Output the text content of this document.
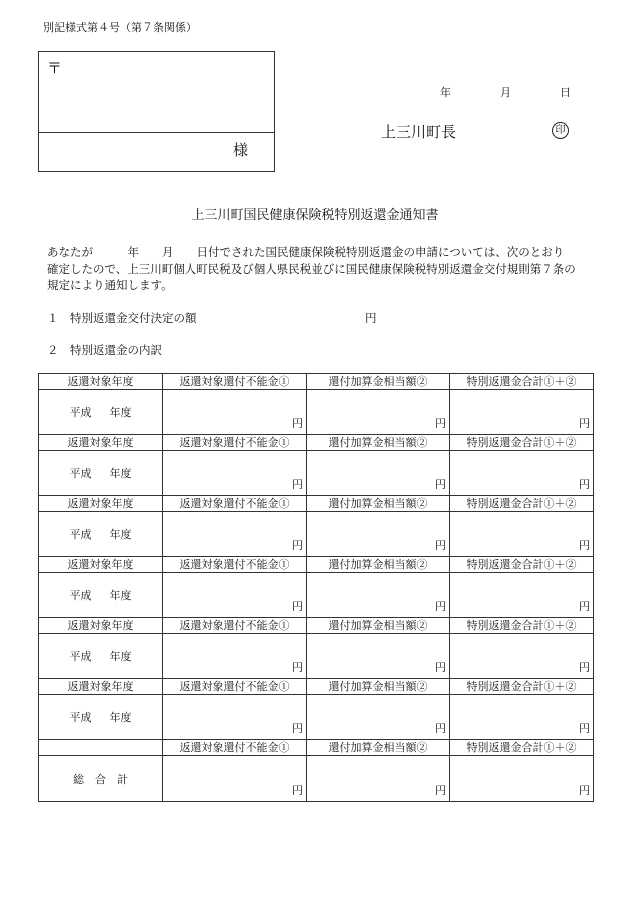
別記様式第４号（第７条関係）
〒
様
年	月	日
上三川町長	印
上三川町国民健康保険税特別返還金通知書
あなたが　　　年　　月　　日付でされた国民健康保険税特別返還金の申請については、次のとおり
確定したので、上三川町個人町民税及び個人県民税並びに国民健康保険税特別返還金交付規則第７条の
規定により通知します。
１　特別返還金交付決定の額	円
２　特別返還金の内訳
返還対象年度	返還対象還付不能金①	還付加算金相当額②	特別返還金合計①＋②
平成 年度	円	円	円

返還対象年度	返還対象還付不能金①	還付加算金相当額②	特別返還金合計①＋②
平成 年度	円	円	円

返還対象年度	返還対象還付不能金①	還付加算金相当額②	特別返還金合計①＋②
平成 年度	円	円	円

返還対象年度	返還対象還付不能金①	還付加算金相当額②	特別返還金合計①＋②
平成 年度	円	円	円

返還対象年度	返還対象還付不能金①	還付加算金相当額②	特別返還金合計①＋②
平成 年度	円	円	円

返還対象年度	返還対象還付不能金①	還付加算金相当額②	特別返還金合計①＋②
平成 年度	円	円	円

	返還対象還付不能金①	還付加算金相当額②	特別返還金合計①＋②
総　合　計	円	円	円
